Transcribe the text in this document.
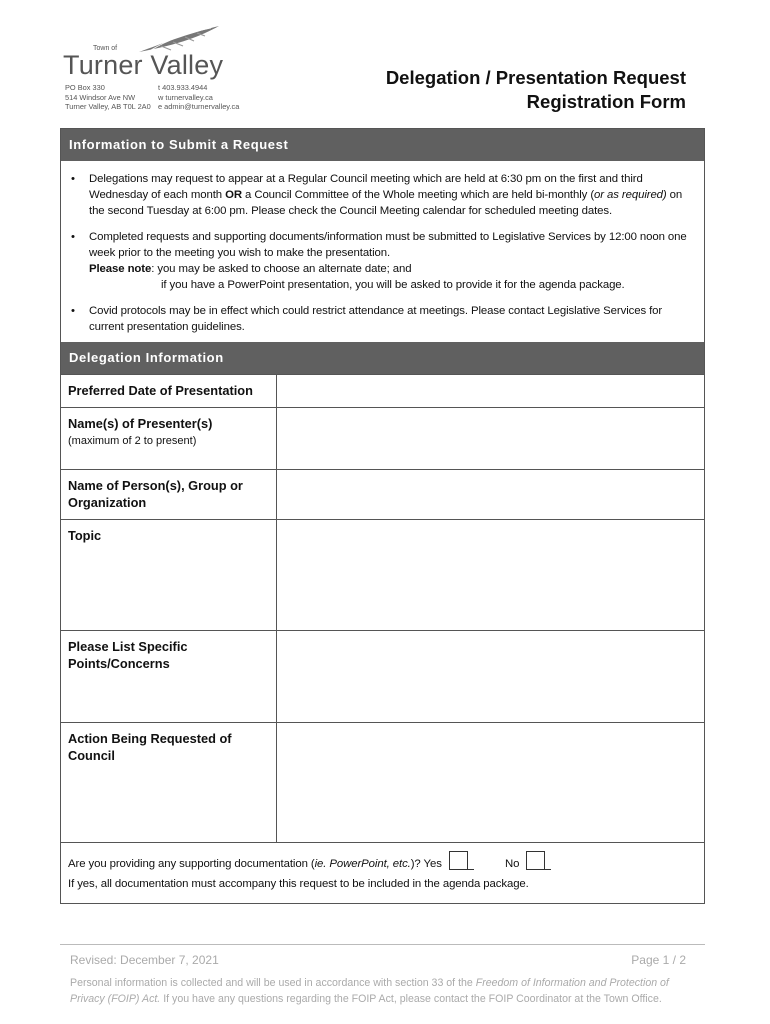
Town of
Turner Valley
PO Box 330
514 Windsor Ave NW
Turner Valley, AB T0L 2A0
t 403.933.4944
w turnervalley.ca
e admin@turnervalley.ca
Delegation / Presentation Request
Registration Form
Information to Submit a Request
• Delegations may request to appear at a Regular Council meeting which are held at 6:30 pm on the first and third Wednesday of each month OR a Council Committee of the Whole meeting which are held bi-monthly (or as required) on the second Tuesday at 6:00 pm. Please check the Council Meeting calendar for scheduled meeting dates.
• Completed requests and supporting documents/information must be submitted to Legislative Services by 12:00 noon one week prior to the meeting you wish to make the presentation.
Please note: you may be asked to choose an alternate date; and
if you have a PowerPoint presentation, you will be asked to provide it for the agenda package.
• Covid protocols may be in effect which could restrict attendance at meetings. Please contact Legislative Services for current presentation guidelines.
Delegation Information
Preferred Date of Presentation
Name(s) of Presenter(s)
(maximum of 2 to present)
Name of Person(s), Group or Organization
Topic
Please List Specific Points/Concerns
Action Being Requested of Council
Are you providing any supporting documentation (ie. PowerPoint, etc.)? Yes	No
If yes, all documentation must accompany this request to be included in the agenda package.
Revised: December 7, 2021	Page 1 / 2
Personal information is collected and will be used in accordance with section 33 of the Freedom of Information and Protection of Privacy (FOIP) Act. If you have any questions regarding the FOIP Act, please contact the FOIP Coordinator at the Town Office.
